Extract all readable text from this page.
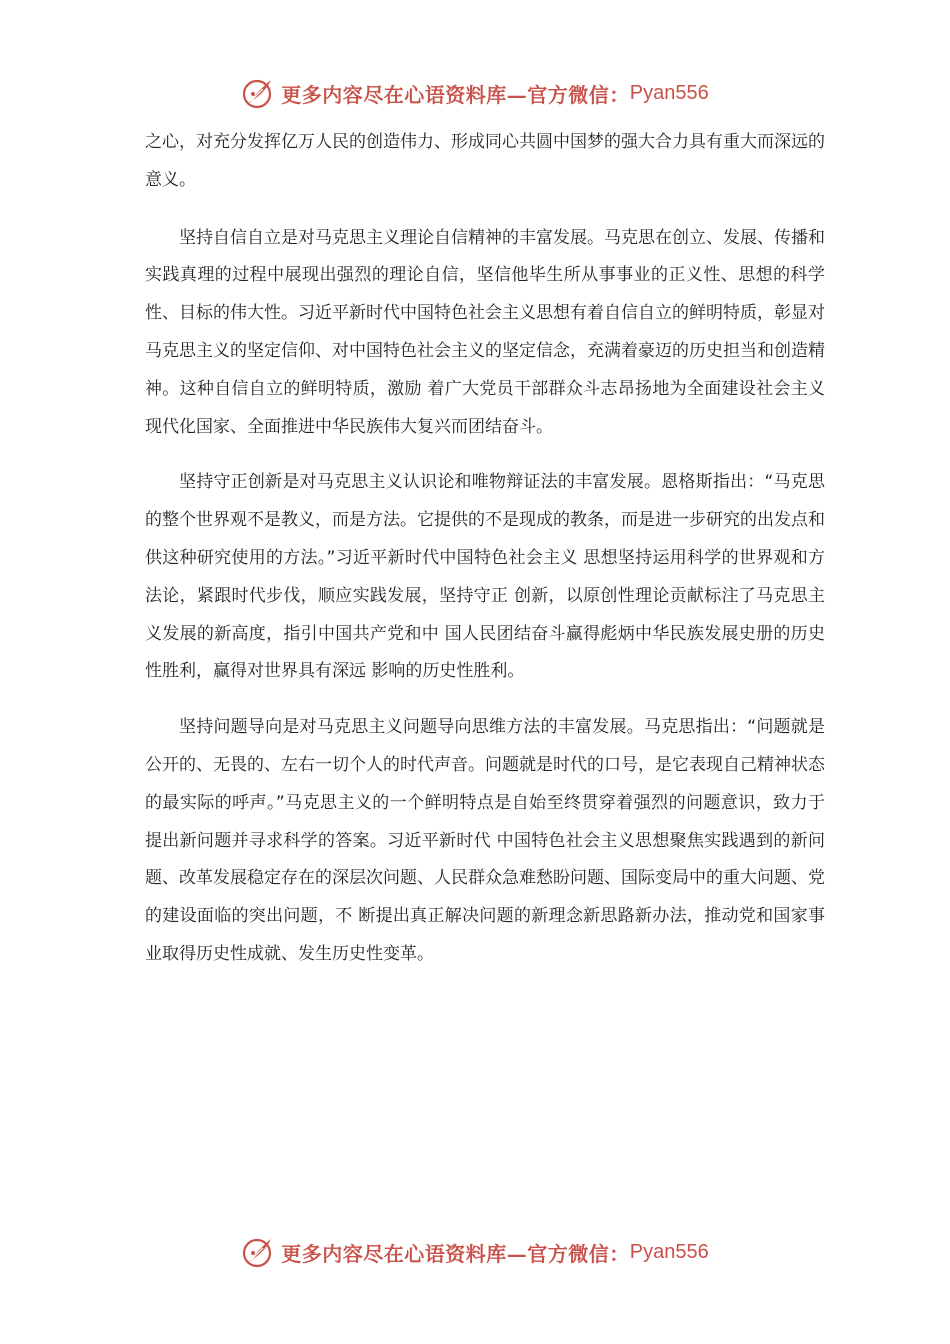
更多内容尽在心语资料库—官方微信： Pyan556

之心，对充分发挥亿万人民的创造伟力、形成同心共圆中国梦的强大合力具有重大而深远的意义。

坚持自信自立是对马克思主义理论自信精神的丰富发展。马克思在创立、发展、传播和实践真理的过程中展现出强烈的理论自信，坚信他毕生所从事事业的正义性、思想的科学性、目标的伟大性。习近平新时代中国特色社会主义思想有着自信自立的鲜明特质，彰显对马克思主义的坚定信仰、对中国特色社会主义的坚定信念，充满着豪迈的历史担当和创造精神。这种自信自立的鲜明特质，激励 着广大党员干部群众斗志昂扬地为全面建设社会主义现代化国家、全面推进中华民族伟大复兴而团结奋斗。

坚持守正创新是对马克思主义认识论和唯物辩证法的丰富发展。恩格斯指出：“马克思的整个世界观不是教义，而是方法。它提供的不是现成的教条，而是进一步研究的出发点和供这种研究使用的方法。”习近平新时代中国特色社会主义 思想坚持运用科学的世界观和方法论，紧跟时代步伐，顺应实践发展，坚持守正 创新，以原创性理论贡献标注了马克思主义发展的新高度，指引中国共产党和中 国人民团结奋斗赢得彪炳中华民族发展史册的历史性胜利，赢得对世界具有深远 影响的历史性胜利。

坚持问题导向是对马克思主义问题导向思维方法的丰富发展。马克思指出：“问题就是公开的、无畏的、左右一切个人的时代声音。问题就是时代的口号，是它表现自己精神状态的最实际的呼声。”马克思主义的一个鲜明特点是自始至终贯穿着强烈的问题意识，致力于提出新问题并寻求科学的答案。习近平新时代 中国特色社会主义思想聚焦实践遇到的新问题、改革发展稳定存在的深层次问题、人民群众急难愁盼问题、国际变局中的重大问题、党的建设面临的突出问题，不 断提出真正解决问题的新理念新思路新办法，推动党和国家事业取得历史性成就、发生历史性变革。

更多内容尽在心语资料库—官方微信： Pyan556
